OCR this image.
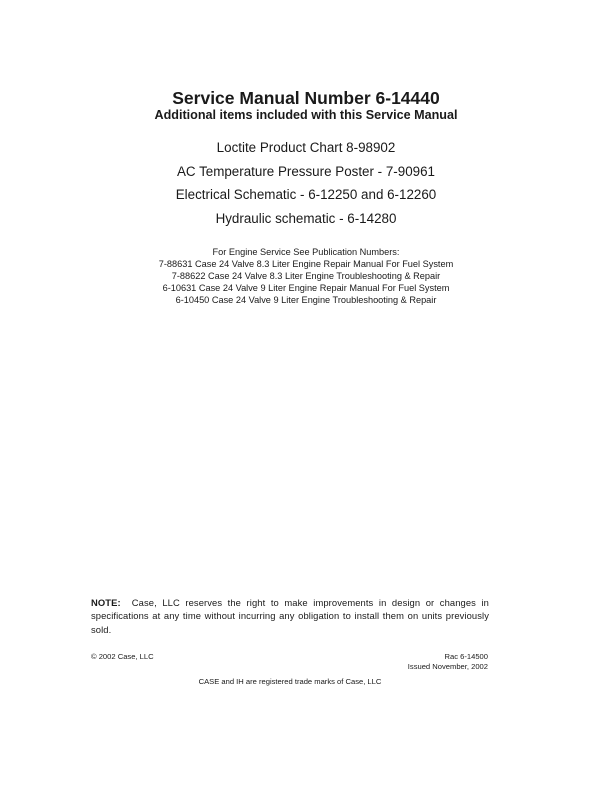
Service Manual Number 6-14440
Additional items included with this Service Manual
Loctite Product Chart 8-98902
AC Temperature Pressure Poster - 7-90961
Electrical Schematic - 6-12250 and 6-12260
Hydraulic schematic - 6-14280

For Engine Service See Publication Numbers:

7-88631 Case 24 Valve 8.3 Liter Engine Repair Manual For Fuel System
7-88622 Case 24 Valve 8.3 Liter Engine Troubleshooting & Repair
6-10631 Case 24 Valve 9 Liter Engine Repair Manual For Fuel System
6-10450 Case 24 Valve 9 Liter Engine Troubleshooting & Repair

NOTE: Case, LLC reserves the right to make improvements in design or changes in specifications at any time without incurring any obligation to install them on units previously sold.

© 2002 Case, LLC	Rac 6-14500
Issued November, 2002
CASE and IH are registered trade marks of Case, LLC
